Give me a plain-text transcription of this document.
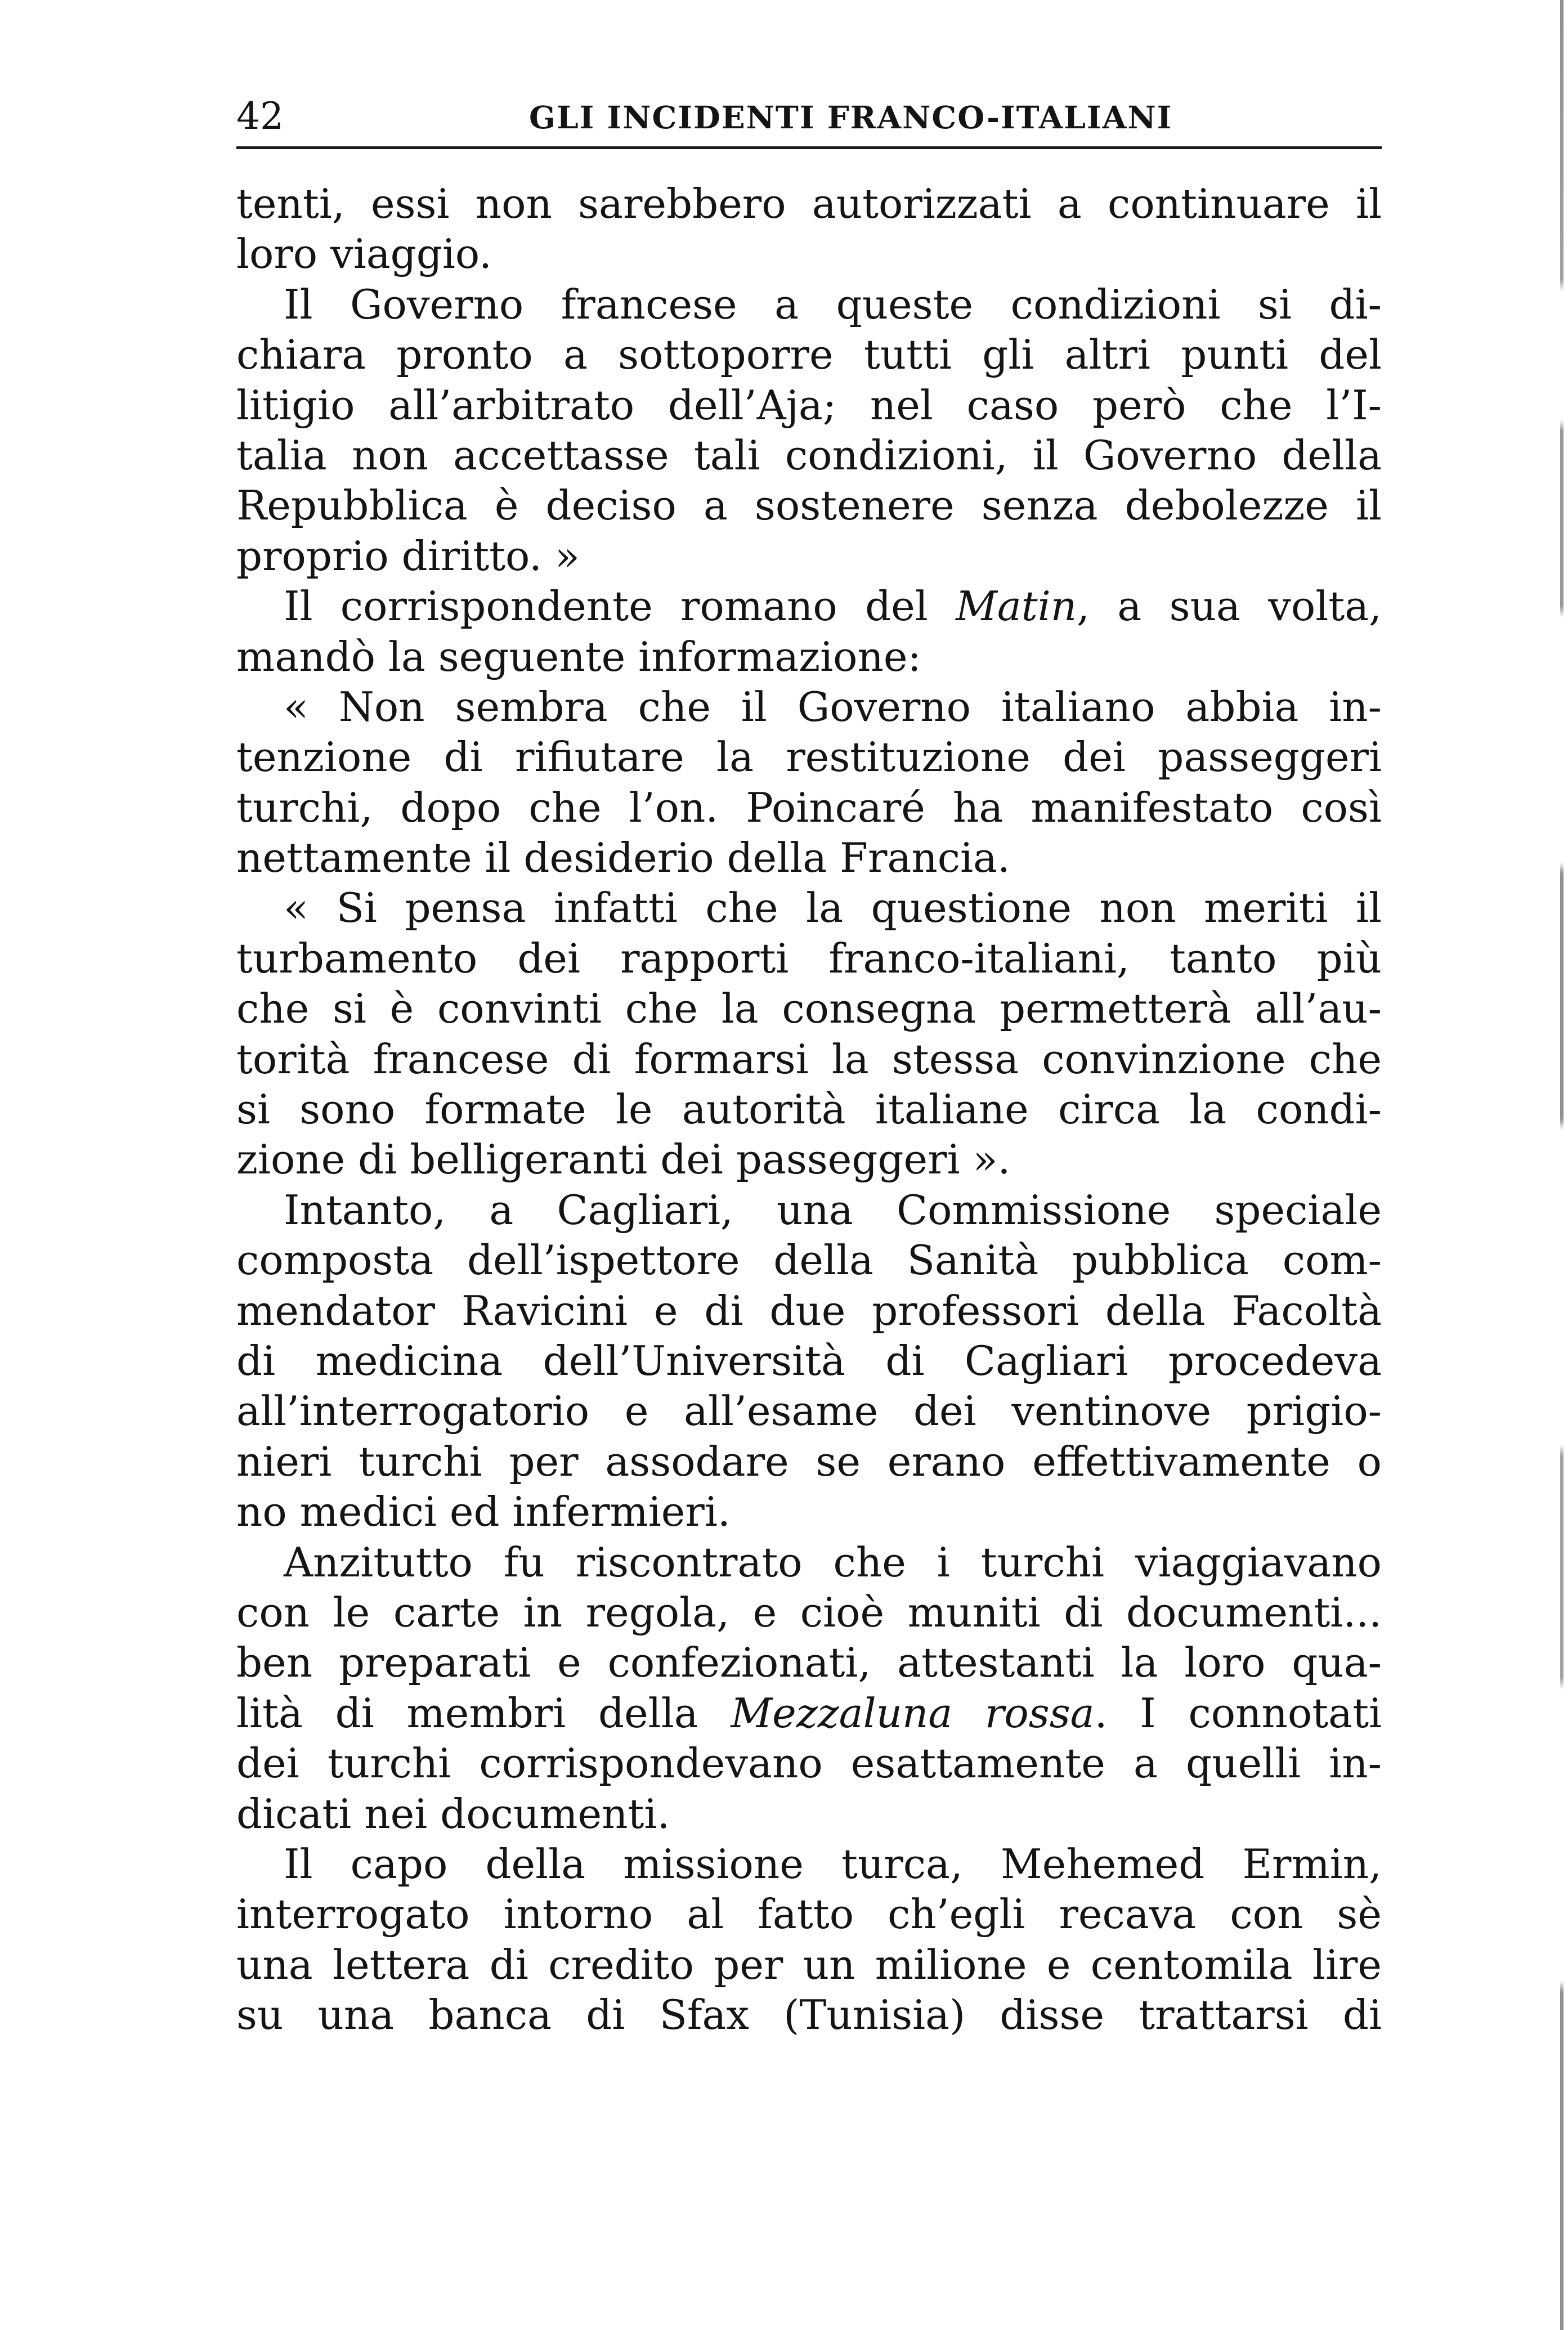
42	GLI INCIDENTI FRANCO-ITALIANI
tenti, essi non sarebbero autorizzati a continuare il
loro viaggio.
Il Governo francese a queste condizioni si di-
chiara pronto a sottoporre tutti gli altri punti del
litigio all’arbitrato dell’Aja; nel caso però che l’I-
talia non accettasse tali condizioni, il Governo della
Repubblica è deciso a sostenere senza debolezze il
proprio diritto. »
Il corrispondente romano del Matin, a sua volta,
mandò la seguente informazione:
« Non sembra che il Governo italiano abbia in-
tenzione di rifiutare la restituzione dei passeggeri
turchi, dopo che l’on. Poincaré ha manifestato così
nettamente il desiderio della Francia.
« Si pensa infatti che la questione non meriti il
turbamento dei rapporti franco-italiani, tanto più
che si è convinti che la consegna permetterà all’au-
torità francese di formarsi la stessa convinzione che
si sono formate le autorità italiane circa la condi-
zione di belligeranti dei passeggeri ».
Intanto, a Cagliari, una Commissione speciale
composta dell’ispettore della Sanità pubblica com-
mendator Ravicini e di due professori della Facoltà
di medicina dell’Università di Cagliari procedeva
all’interrogatorio e all’esame dei ventinove prigio-
nieri turchi per assodare se erano effettivamente o
no medici ed infermieri.
Anzitutto fu riscontrato che i turchi viaggiavano
con le carte in regola, e cioè muniti di documenti...
ben preparati e confezionati, attestanti la loro qua-
lità di membri della Mezzaluna rossa. I connotati
dei turchi corrispondevano esattamente a quelli in-
dicati nei documenti.
Il capo della missione turca, Mehemed Ermin,
interrogato intorno al fatto ch’egli recava con sè
una lettera di credito per un milione e centomila lire
su una banca di Sfax (Tunisia) disse trattarsi di
